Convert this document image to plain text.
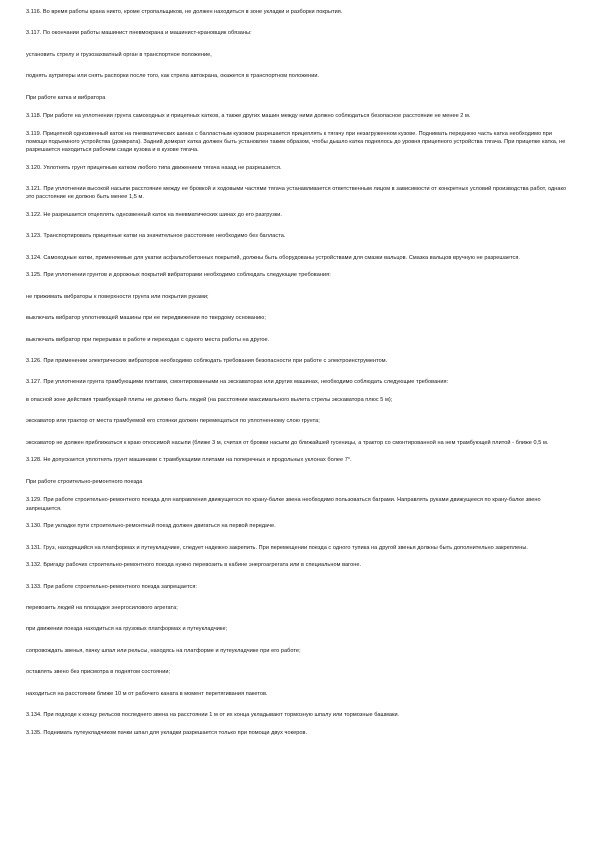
3.116. Во время работы крана никто, кроме стропальщиков, не должен находиться в зоне укладки и разборки покрытия.

3.117. По окончании работы машинист пневмокрана и машинист-крановщик обязаны:

установить стрелу и грузозахватный орган в транспортное положение,

поднять аутригеры или снять распорки после того, как стрела автокрана, окажется в транспортном положении.

При работе катка и вибратора

3.118. При работе на уплотнении грунта самоходных и прицепных катков, а также других машин между ними должно соблюдаться безопасное расстояние не менее 2 м.

3.119. Прицепной однозвенный каток на пневматических шинах с балластным кузовом разрешается прицеплять к тягачу при незагруженном кузове. Поднимать переднюю часть катка необходимо при помощи подъемного устройства (домкрата). Задний домкрат катка должен быть установлен таким образом, чтобы дышло катка поднялось до уровня прицепного устройства тягача. При прицепке катка, не разрешается находиться рабочим сзади кузова и в кузове тягача.

3.120. Уплотнять грунт прицепным катком любого типа движением тягача назад не разрешается.

3.121. При уплотнении высокой насыпи расстояние между ее бровкой и ходовыми частями тягача устанавливается ответственным лицом в зависимости от конкретных условий производства работ, однако это расстояние не должно быть менее 1,5 м.

3.122. Не разрешается отцеплять однозвенный каток на пневматических шинах до его разгрузки.

3.123. Транспортировать прицепные катки на значительное расстояние необходимо без балласта.

3.124. Самоходные катки, применяемые для укатки асфальтобетонных покрытий, должны быть оборудованы устройствами для смазки вальцов. Смазка вальцов вручную не разрешается.

3.125. При уплотнении грунтов и дорожных покрытий вибраторами необходимо соблюдать следующие требования:

не прижимать вибраторы к поверхности грунта или покрытия руками;

выключать вибратор уплотняющей машины при ее передвижении по твердому основанию;

выключать вибратор при перерывах в работе и переходах с одного места работы на другое.

3.126. При применении электрических вибраторов необходимо соблюдать требования безопасности при работе с электроинструментом.

3.127. При уплотнении грунта трамбующими плитами, смонтированными на экскаваторах или других машинах, необходимо соблюдать следующие требования:

в опасной зоне действия трамбующей плиты не должно быть людей (на расстоянии максимального вылета стрелы экскаватора плюс 5 м);

экскаватор или трактор от места трамбуемой его стоянки должен перемещаться по уплотненному слою грунта;

экскаватор не должен приближаться к краю откосимой насыпи (ближе 3 м, считая от бровки насыпи до ближайшей гусеницы, а трактор со смонтированной на нем трамбующей плитой - ближе 0,5 м.

3.128. Не допускается уплотнять грунт машинами с трамбующими плитами на поперечных и продольных уклонах более 7°.

При работе строительно-ремонтного поезда

3.129. При работе строительно-ремонтного поезда для направления движущегося по крану-балке звена необходимо пользоваться баграми. Направлять руками движущееся по крану-балке звено запрещается.

3.130. При укладке пути строительно-ремонтный поезд должен двигаться на первой передаче.

3.131. Груз, находящийся на платформах и путеукладчике, следует надежно закрепить. При перемещении поезда с одного тупика на другой звенья должны быть дополнительно закреплены.

3.132. Бригаду рабочих строительно-ремонтного поезда нужно перевозить в кабине энергоагрегата или в специальном вагоне.

3.133. При работе строительно-ремонтного поезда запрещается:

перевозить людей на площадке энергосилового агрегата;

при движении поезда находиться на грузовых платформах и путеукладчике;

сопровождать звенья, пачку шпал или рельсы, находясь на платформе и путеукладчике при его работе;

оставлять звено без присмотра в поднятом состоянии;

находиться на расстоянии ближе 10 м от рабочего каната в момент перетягивания пакетов.

3.134. При подходе к концу рельсов последнего звена на расстоянии 1 м от их конца укладывают тормозную шпалу или тормозные башмаки.

3.135. Поднимать путеукладчиком пачки шпал для укладки разрешается только при помощи двух чокеров.
